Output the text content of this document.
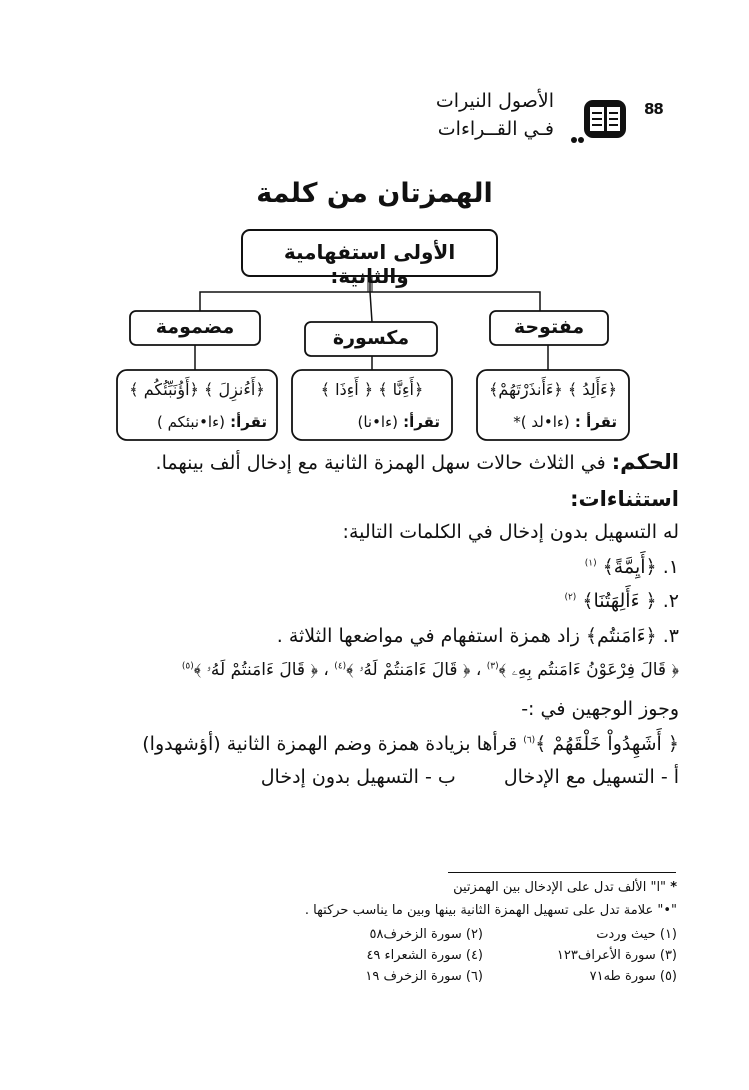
88
الأصول النيرات
فـي القــراءات
الهمزتان من كلمة
الأولى استفهامية والثانية:
مفتوحة
مكسورة
مضمومة
﴿ءَأَلِدُ ﴾ ﴿ءَأَنذَرْتَهُمْ﴾
تقرأ : (ءا•لد )*
﴿أَءِنَّا ﴾ ﴿ أَءِذَا ﴾
تقرأ: (ءا•نا)
﴿أَءُنزِلَ ﴾ ﴿أَؤُنَبِّئُكُم ﴾
تقرأ: (ءا•نبئكم )
الحكم: في الثلاث حالات سهل الهمزة الثانية مع إدخال ألف بينهما.
استثناءات:
له التسهيل بدون إدخال في الكلمات التالية:
١. ﴿أَيِمَّةً﴾ $^{(١)}$
٢. ﴿ ءَأَلِهَتُنَا﴾ $^{(٢)}$
٣. ﴿ءَامَنتُم﴾ زاد همزة استفهام في مواضعها الثلاثة .
﴿ قَالَ فِرْعَوْنُ ءَامَنتُم بِهِۦ ﴾$^{(٣)}$ ، ﴿ قَالَ ءَامَنتُمْ لَهُۥ ﴾$^{(٤)}$ ، ﴿ قَالَ ءَامَنتُمْ لَهُۥ ﴾$^{(٥)}$
وجوز الوجهين في :-
﴿ أَشَهِدُواْ خَلْقَهُمْ ﴾$^{(٦)}$ قرأها بزيادة همزة وضم الهمزة الثانية (أؤشهدوا)
أ - التسهيل مع الإدخال  ب - التسهيل بدون إدخال
* "ا" الألف تدل على الإدخال بين الهمزتين
"•" علامة تدل على تسهيل الهمزة الثانية بينها وبين ما يناسب حركتها .
(١) حيث وردت
(٢) سورة الزخرف٥٨
(٣) سورة الأعراف١٢٣
(٤) سورة الشعراء ٤٩
(٥) سورة طه٧١
(٦) سورة الزخرف ١٩
